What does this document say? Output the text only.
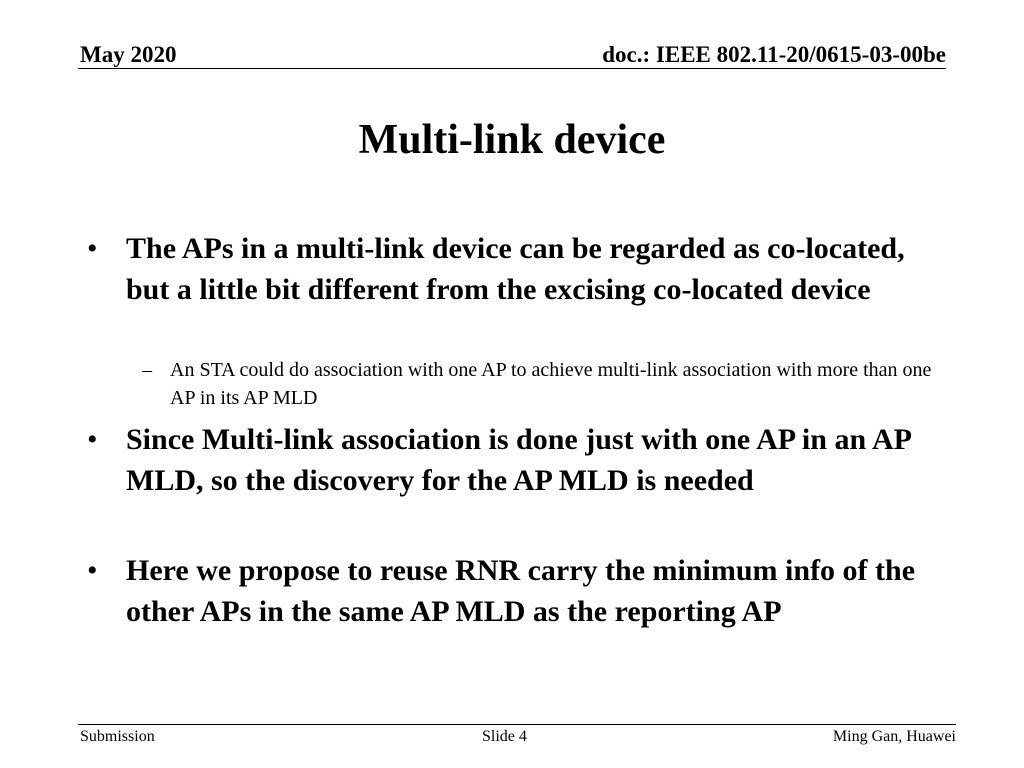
May 2020	doc.: IEEE 802.11-20/0615-03-00be
Multi-link device
• The APs in a multi-link device can be regarded as co-located, but a little bit different from the excising co-located device
– An STA could do association with one AP to achieve multi-link association with more than one AP in its AP MLD
• Since Multi-link association is done just with one AP in an AP MLD, so the discovery for the AP MLD is needed
• Here we propose to reuse RNR carry the minimum info of the other APs in the same AP MLD as the reporting AP
Submission	Slide 4	Ming Gan, Huawei
